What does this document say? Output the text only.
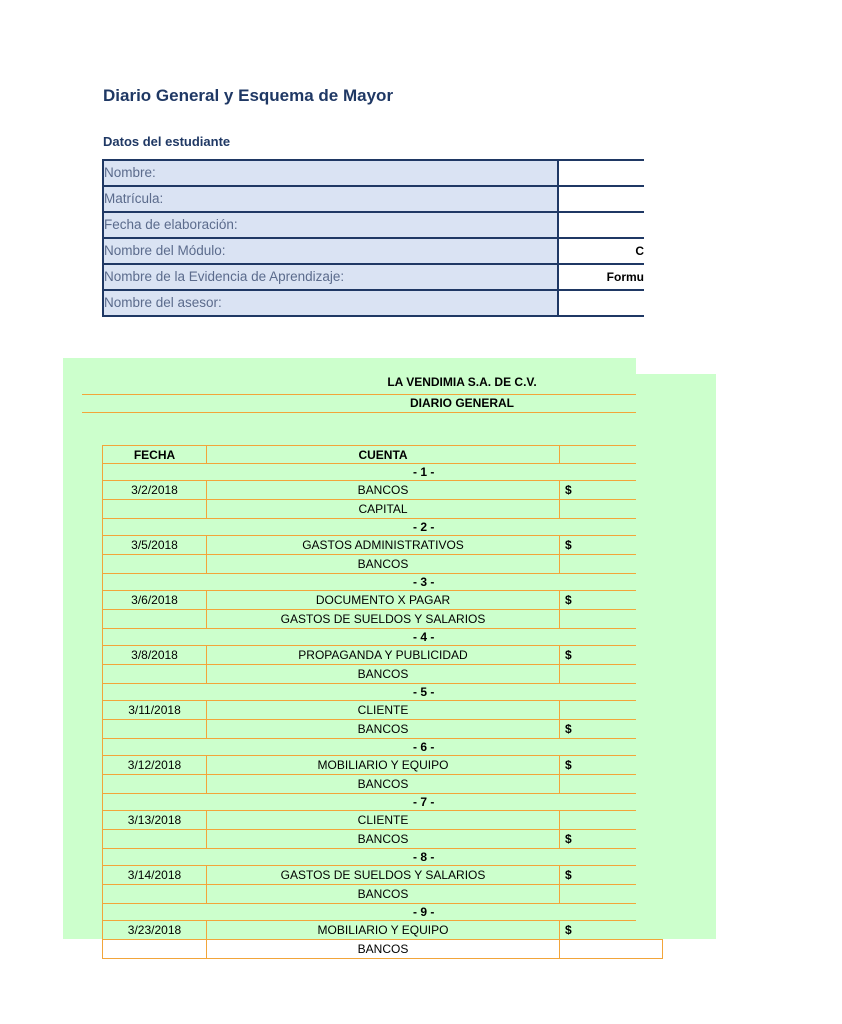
Diario General y Esquema de Mayor
Datos del estudiante
Nombre:
Matrícula:
Fecha de elaboración:
Nombre del Módulo:	C
Nombre de la Evidencia de Aprendizaje:	Formu
Nombre del asesor:
LA VENDIMIA S.A. DE C.V.
DIARIO GENERAL
FECHA	CUENTA	
- 1 -		
3/2/2018	BANCOS	$
	CAPITAL	
- 2 -		
3/5/2018	GASTOS ADMINISTRATIVOS	$
	BANCOS	
- 3 -		
3/6/2018	DOCUMENTO X PAGAR	$
	GASTOS DE SUELDOS Y SALARIOS	
- 4 -		
3/8/2018	PROPAGANDA Y PUBLICIDAD	$
	BANCOS	
- 5 -		
3/11/2018	CLIENTE	
	BANCOS	$
- 6 -		
3/12/2018	MOBILIARIO Y EQUIPO	$
	BANCOS	
- 7 -		
3/13/2018	CLIENTE	
	BANCOS	$
- 8 -		
3/14/2018	GASTOS DE SUELDOS Y SALARIOS	$
	BANCOS	
- 9 -		
3/23/2018	MOBILIARIO Y EQUIPO	$
	BANCOS	
